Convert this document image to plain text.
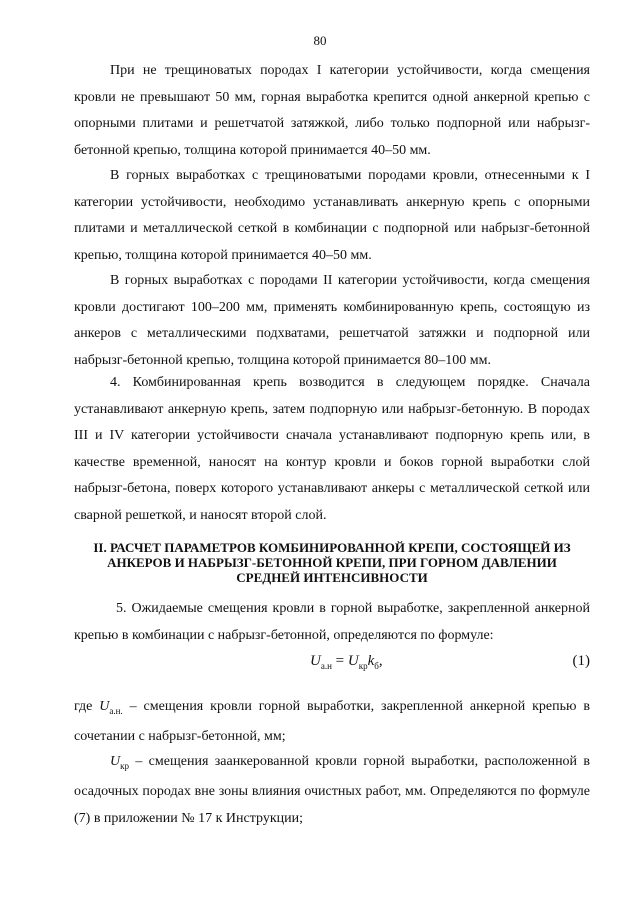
80

При не трещиноватых породах I категории устойчивости, когда смещения кровли не превышают 50 мм, горная выработка крепится одной анкерной крепью с опорными плитами и решетчатой затяжкой, либо только подпорной или набрызг-бетонной крепью, толщина которой принимается 40–50 мм.

В горных выработках с трещиноватыми породами кровли, отнесенными к I категории устойчивости, необходимо устанавливать анкерную крепь с опорными плитами и металлической сеткой в комбинации с подпорной или набрызг-бетонной крепью, толщина которой принимается 40–50 мм.

В горных выработках с породами II категории устойчивости, когда смещения кровли достигают 100–200 мм, применять комбинированную крепь, состоящую из анкеров с металлическими подхватами, решетчатой затяжки и подпорной или набрызг-бетонной крепью, толщина которой принимается 80–100 мм.

4. Комбинированная крепь возводится в следующем порядке. Сначала устанавливают анкерную крепь, затем подпорную или набрызг-бетонную. В породах III и IV категории устойчивости сначала устанавливают подпорную крепь или, в качестве временной, наносят на контур кровли и боков горной выработки слой набрызг-бетона, поверх которого устанавливают анкеры с металлической сеткой или сварной решеткой, и наносят второй слой.

II. РАСЧЕТ ПАРАМЕТРОВ КОМБИНИРОВАННОЙ КРЕПИ, СОСТОЯЩЕЙ ИЗ АНКЕРОВ И НАБРЫЗГ-БЕТОННОЙ КРЕПИ, ПРИ ГОРНОМ ДАВЛЕНИИ СРЕДНЕЙ ИНТЕНСИВНОСТИ

5. Ожидаемые смещения кровли в горной выработке, закрепленной анкерной крепью в комбинации с набрызг-бетонной, определяются по формуле:

$U_{а.н} = U_{кр}k_б$,	(1)

где $U_{а.н.}$ – смещения кровли горной выработки, закрепленной анкерной крепью в сочетании с набрызг-бетонной, мм;

$U_{кр}$ – смещения заанкерованной кровли горной выработки, расположенной в осадочных породах вне зоны влияния очистных работ, мм. Определяются по формуле (7) в приложении № 17 к Инструкции;
